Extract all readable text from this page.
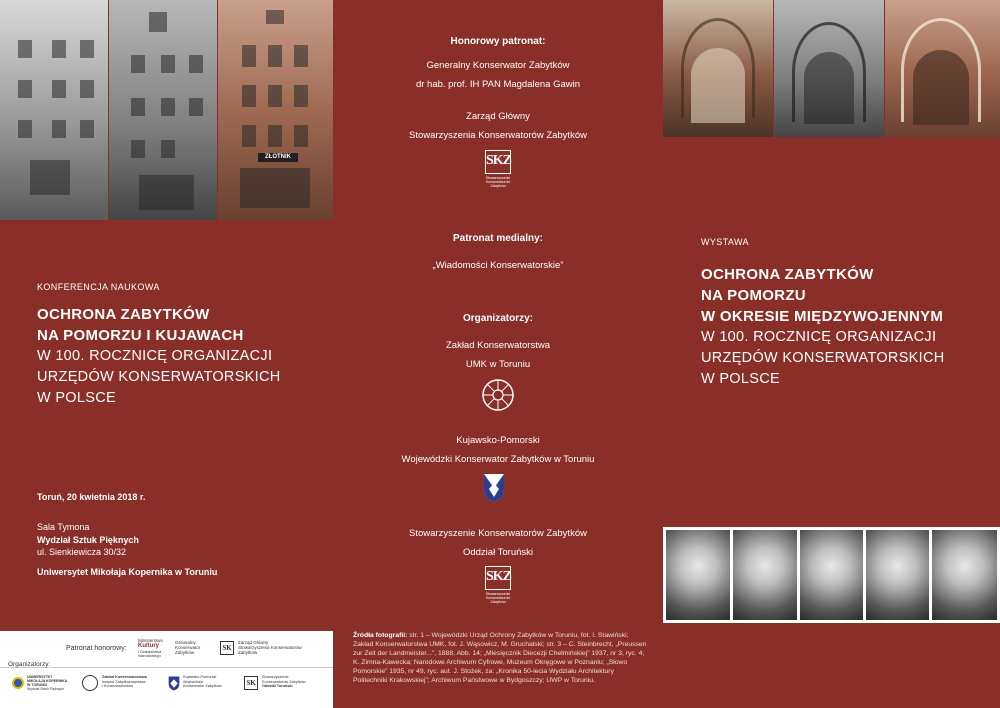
ZŁOTNIK
KONFERENCJA NAUKOWA
OCHRONA ZABYTKÓW
NA POMORZU I KUJAWACH
W 100. ROCZNICĘ ORGANIZACJI
URZĘDÓW KONSERWATORSKICH
W POLSCE
Toruń, 20 kwietnia 2018 r.
Sala Tymona
Wydział Sztuk Pięknych
ul. Sienkiewicza 30/32
Uniwersytet Mikołaja Kopernika w Toruniu
Patronat honorowy:
Ministerstwo
Kultury
i Dziedzictwa Narodowego
Generalny
Konserwator
Zabytków
SK
Zarząd Główny
Stowarzyszenia Konserwatorów Zabytków
Organizatorzy:
UNIWERSYTET
MIKOŁAJA KOPERNIKA
W TORUNIU
Wydział Sztuk Pięknych
Zakład Konserwatorstwa
Instytut Zabytkoznawstwa
i Konserwatorstwa
Kujawsko-Pomorski
Wojewódzki
Konserwator Zabytków	SK
Stowarzyszenie
Konserwatorów Zabytków
Oddział Toruński
Honorowy patronat:
Generalny Konserwator Zabytków
dr hab. prof. IH PAN Magdalena Gawin
Zarząd Główny
Stowarzyszenia Konserwatorów Zabytków
SKZ
Stowarzyszenie Konserwatorów Zabytków
Patronat medialny:
„Wiadomości Konserwatorskie”
Organizatorzy:
Zakład Konserwatorstwa
UMK w Toruniu
Kujawsko-Pomorski
Wojewódzki Konserwator Zabytków w Toruniu
Stowarzyszenie Konserwatorów Zabytków
Oddział Toruński
SKZ
Stowarzyszenie Konserwatorów Zabytków
Źródła fotografii: str. 1 – Wojewódzki Urząd Ochrony Zabytków w Toruniu, fot. I. Stawiński; Zakład Konserwatorstwa UMK, fot. J. Wąsowicz, M. Gruchalski; str. 3 – C. Steinbrecht, „Preussen zur Zeit der Landmeister...”, 1888, Abb. 14; „Miesięcznik Diecezji Chełmińskiej” 1937, nr 3, ryc. 4; K. Zimna-Kawecka; Narodowe Archiwum Cyfrowe, Muzeum Okręgowe w Poznaniu; „Słowo Pomorskie” 1935, nr 49, ryc. aut. J. Stożek, za: „Kronika 50-lecia Wydziału Architektury Politechniki Krakowskiej”; Archiwum Państwowe w Bydgoszczy; UWP w Toruniu.
WYSTAWA
OCHRONA ZABYTKÓW
NA POMORZU
W OKRESIE MIĘDZYWOJENNYM
W 100. ROCZNICĘ ORGANIZACJI
URZĘDÓW KONSERWATORSKICH
W POLSCE
